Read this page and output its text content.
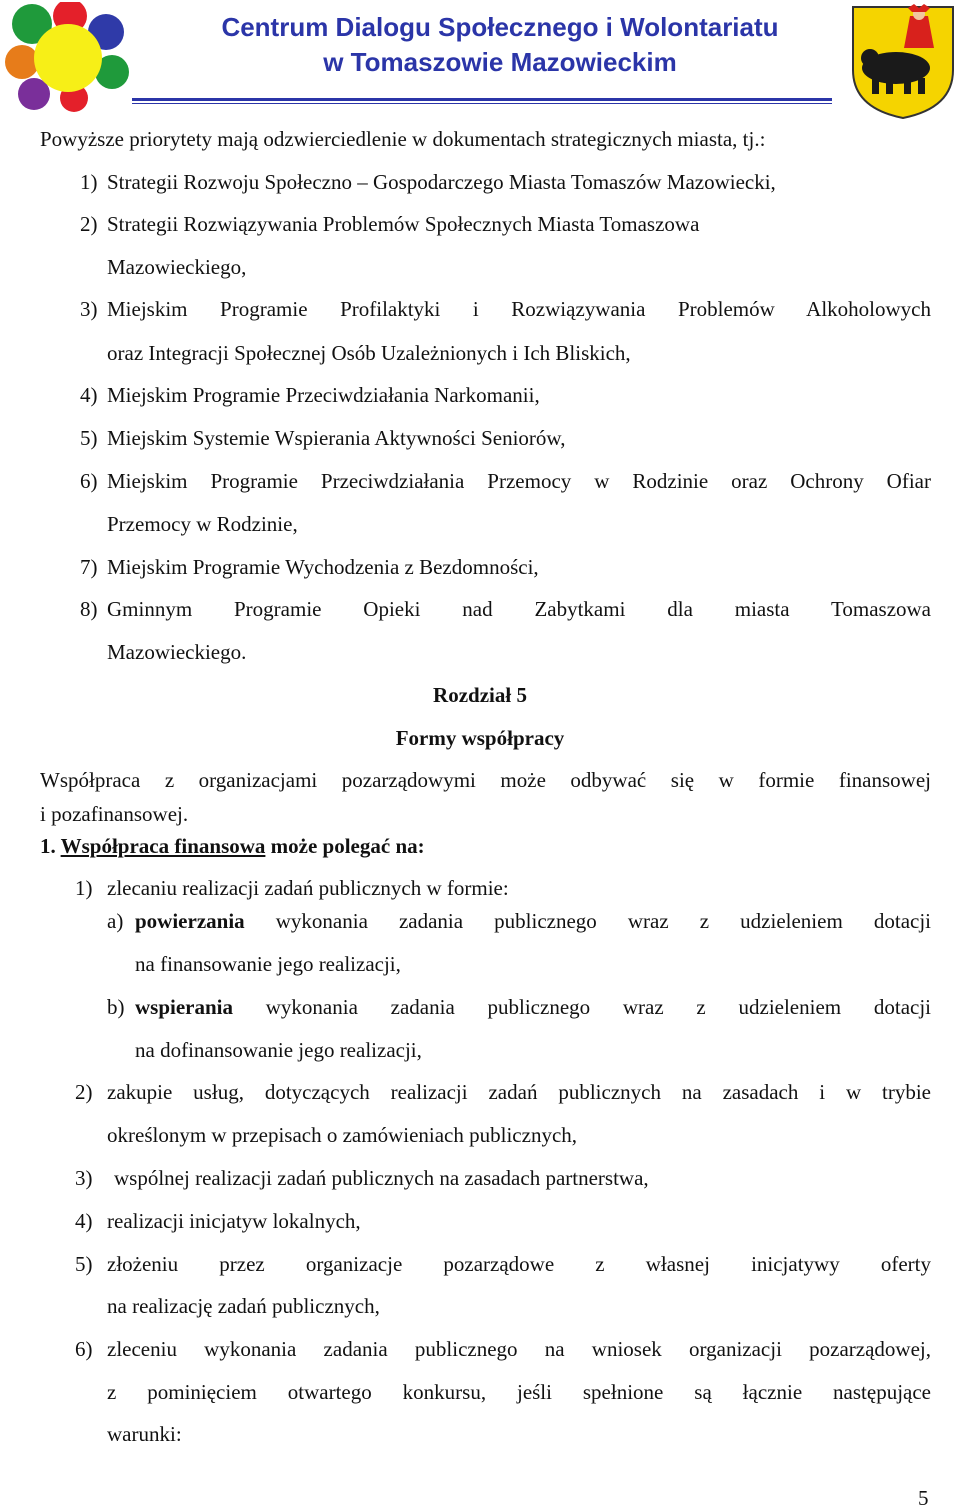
Centrum Dialogu Społecznego i Wolontariatu
w Tomaszowie Mazowieckim
Powyższe priorytety mają odzwierciedlenie w dokumentach strategicznych miasta, tj.:
1) Strategii Rozwoju Społeczno – Gospodarczego Miasta Tomaszów Mazowiecki,
2) Strategii Rozwiązywania Problemów Społecznych Miasta Tomaszowa
Mazowieckiego,
3) Miejskim Programie Profilaktyki i Rozwiązywania Problemów Alkoholowych
oraz Integracji Społecznej Osób Uzależnionych i Ich Bliskich,
4) Miejskim Programie Przeciwdziałania Narkomanii,
5) Miejskim Systemie Wspierania Aktywności Seniorów,
6) Miejskim Programie Przeciwdziałania Przemocy w Rodzinie oraz Ochrony Ofiar
Przemocy w Rodzinie,
7) Miejskim Programie Wychodzenia z Bezdomności,
8) Gminnym Programie Opieki nad Zabytkami dla miasta Tomaszowa
Mazowieckiego.
Rozdział 5
Formy współpracy
Współpraca z organizacjami pozarządowymi może odbywać się w formie finansowej
i pozafinansowej.
1. Współpraca finansowa może polegać na:
1) zlecaniu realizacji zadań publicznych w formie:
a) powierzania wykonania zadania publicznego wraz z udzieleniem dotacji
na finansowanie jego realizacji,
b) wspierania wykonania zadania publicznego wraz z udzieleniem dotacji
na dofinansowanie jego realizacji,
2) zakupie usług, dotyczących realizacji zadań publicznych na zasadach i w trybie
określonym w przepisach o zamówieniach publicznych,
3) wspólnej realizacji zadań publicznych na zasadach partnerstwa,
4) realizacji inicjatyw lokalnych,
5) złożeniu przez organizacje pozarządowe z własnej inicjatywy oferty
na realizację zadań publicznych,
6) zleceniu wykonania zadania publicznego na wniosek organizacji pozarządowej,
z pominięciem otwartego konkursu, jeśli spełnione są łącznie następujące
warunki:
5
